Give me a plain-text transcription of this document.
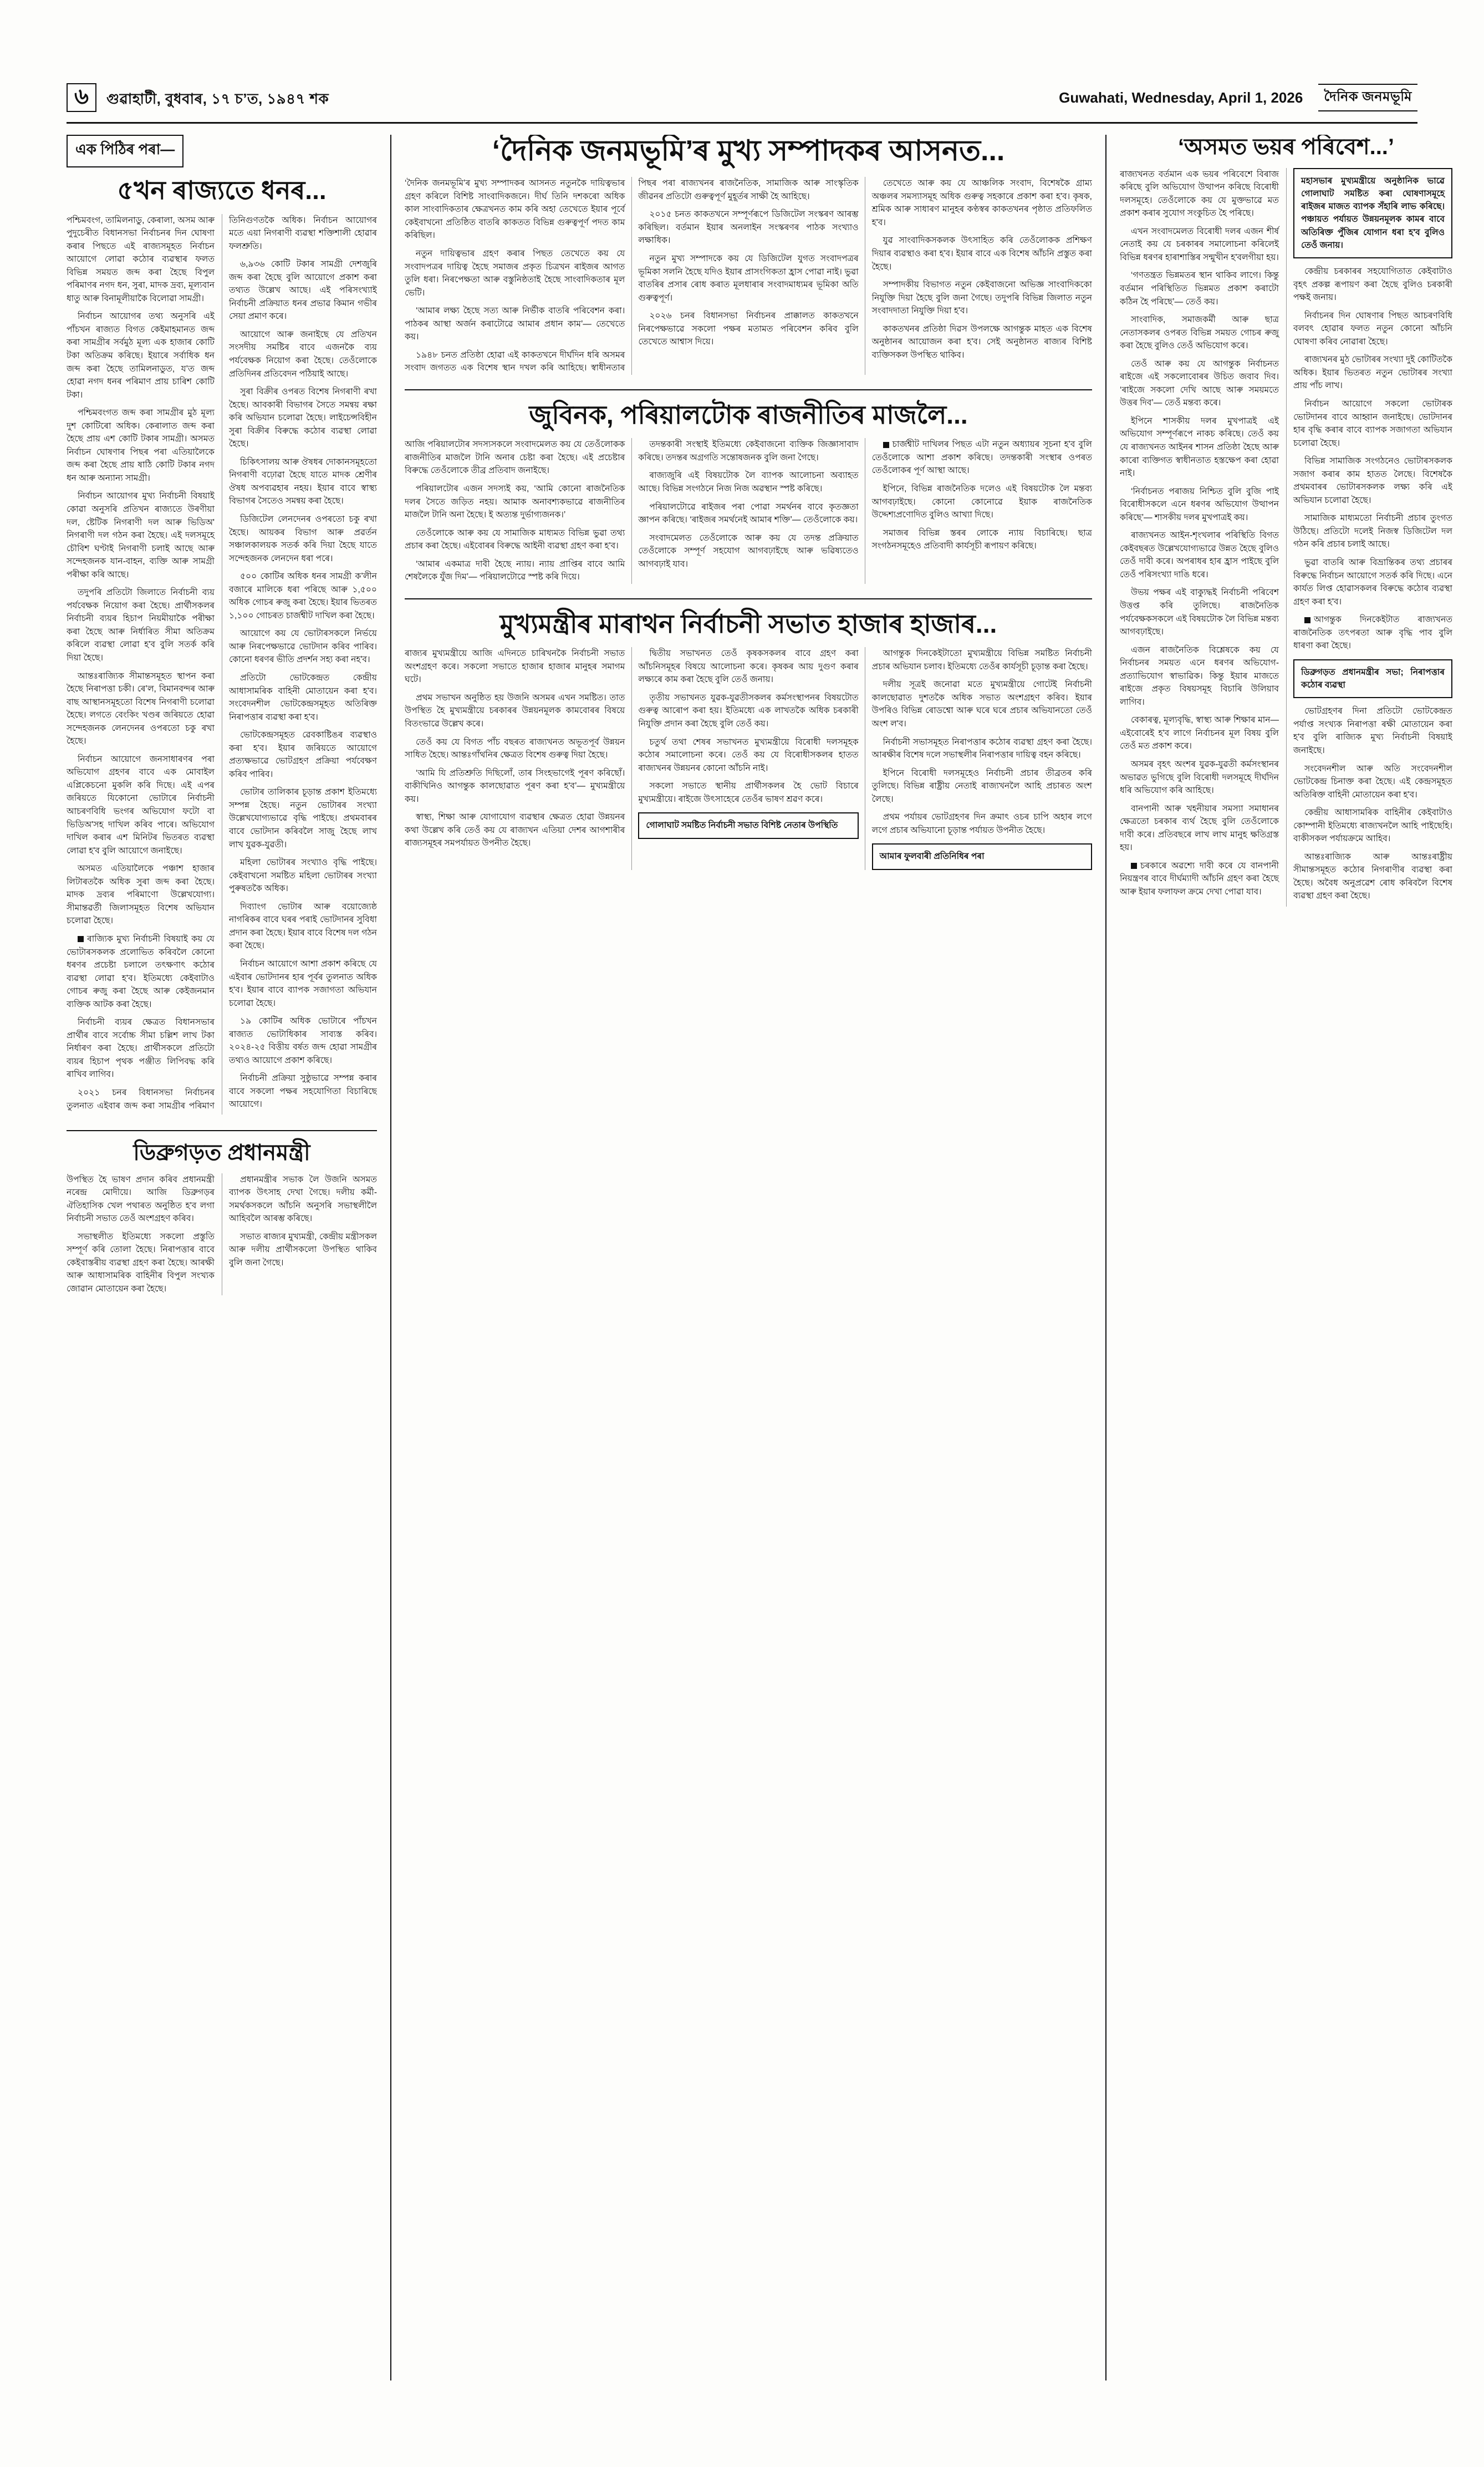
৬	গুৱাহাটী, বুধবাৰ, ১৭ চ’ত, ১৯৪৭ শক	Guwahati, Wednesday, April 1, 2026	দৈনিক জনমভূমি
এক পিঠিৰ পৰা—
৫খন ৰাজ্যতে ধনৰ...

পশ্চিমবংগ, তামিলনাডু, কেৰালা, অসম আৰু পুদুচেৰীত বিধানসভা নিৰ্বাচনৰ দিন ঘোষণা কৰাৰ পিছতে এই ৰাজ্যসমূহত নিৰ্বাচন আয়োগে লোৱা কঠোৰ ব্যৱস্থাৰ ফলত বিভিন্ন সময়ত জব্দ কৰা হৈছে বিপুল পৰিমাণৰ নগদ ধন, সুৰা, মাদক দ্ৰব্য, মূল্যবান ধাতু আৰু বিনামূলীয়াকৈ বিলোৱা সামগ্ৰী।

নিৰ্বাচন আয়োগৰ তথ্য অনুসৰি এই পাঁচখন ৰাজ্যত বিগত কেইমাহমানত জব্দ কৰা সামগ্ৰীৰ সৰ্বমুঠ মূল্য এক হাজাৰ কোটি টকা অতিক্ৰম কৰিছে। ইয়াৰে সৰ্বাধিক ধন জব্দ কৰা হৈছে তামিলনাডুত, য’ত জব্দ হোৱা নগদ ধনৰ পৰিমাণ প্ৰায় চাৰিশ কোটি টকা।

পশ্চিমবংগত জব্দ কৰা সামগ্ৰীৰ মুঠ মূল্য দুশ কোটিৰো অধিক। কেৰালাত জব্দ কৰা হৈছে প্ৰায় এশ কোটি টকাৰ সামগ্ৰী। অসমত নিৰ্বাচন ঘোষণাৰ পিছৰ পৰা এতিয়ালৈকে জব্দ কৰা হৈছে প্ৰায় ষাঠি কোটি টকাৰ নগদ ধন আৰু অন্যান্য সামগ্ৰী।

নিৰ্বাচন আয়োগৰ মুখ্য নিৰ্বাচনী বিষয়াই কোৱা অনুসৰি প্ৰতিখন ৰাজ্যতে উৰণীয়া দল, ষ্টেটিক নিগৰাণী দল আৰু ভিডিঅ' নিগৰাণী দল গঠন কৰা হৈছে। এই দলসমূহে চৌবিশ ঘণ্টাই নিগৰাণী চলাই আছে আৰু সন্দেহজনক যান-বাহন, ব্যক্তি আৰু সামগ্ৰী পৰীক্ষা কৰি আছে।

তদুপৰি প্ৰতিটো জিলাতে নিৰ্বাচনী ব্যয় পৰ্যবেক্ষক নিয়োগ কৰা হৈছে। প্ৰাৰ্থীসকলৰ নিৰ্বাচনী ব্যয়ৰ হিচাপ নিয়মীয়াকৈ পৰীক্ষা কৰা হৈছে আৰু নিৰ্ধাৰিত সীমা অতিক্ৰম কৰিলে ব্যৱস্থা লোৱা হ'ব বুলি সতৰ্ক কৰি দিয়া হৈছে।

আন্তঃৰাজ্যিক সীমান্তসমূহত স্থাপন কৰা হৈছে নিৰাপত্তা চকী। ৰে’ল, বিমানবন্দৰ আৰু বাছ আস্থানসমূহতো বিশেষ নিগৰাণী চলোৱা হৈছে। লগতে বেংকিং খণ্ডৰ জৰিয়তে হোৱা সন্দেহজনক লেনদেনৰ ওপৰতো চকু ৰখা হৈছে।

নিৰ্বাচন আয়োগে জনসাধাৰণৰ পৰা অভিযোগ গ্ৰহণৰ বাবে এক মোবাইল এপ্লিকেচনো মুকলি কৰি দিছে। এই এপৰ জৰিয়তে যিকোনো ভোটাৰে নিৰ্বাচনী আচৰণবিধি ভংগৰ অভিযোগ ফটো বা ভিডিঅ'সহ দাখিল কৰিব পাৰে। অভিযোগ দাখিল কৰাৰ এশ মিনিটৰ ভিতৰত ব্যৱস্থা লোৱা হ'ব বুলি আয়োগে জনাইছে।

অসমত এতিয়ালৈকে পঞ্চাশ হাজাৰ লিটাৰতকৈ অধিক সুৰা জব্দ কৰা হৈছে। মাদক দ্ৰব্যৰ পৰিমাণো উল্লেখযোগ্য। সীমান্তৱৰ্তী জিলাসমূহত বিশেষ অভিযান চলোৱা হৈছে।

ৰাজ্যিক মুখ্য নিৰ্বাচনী বিষয়াই কয় যে ভোটাৰসকলক প্ৰলোভিত কৰিবলৈ কোনো ধৰণৰ প্ৰচেষ্টা চলালে তৎক্ষণাৎ কঠোৰ ব্যৱস্থা লোৱা হ'ব। ইতিমধ্যে কেইবাটাও গোচৰ ৰুজু কৰা হৈছে আৰু কেইজনমান ব্যক্তিক আটক কৰা হৈছে।

নিৰ্বাচনী ব্যয়ৰ ক্ষেত্ৰত বিধানসভাৰ প্ৰাৰ্থীৰ বাবে সৰ্বোচ্চ সীমা চল্লিশ লাখ টকা নিৰ্ধাৰণ কৰা হৈছে। প্ৰাৰ্থীসকলে প্ৰতিটো ব্যয়ৰ হিচাপ পৃথক পঞ্জীত লিপিবদ্ধ কৰি ৰাখিব লাগিব।

২০২১ চনৰ বিধানসভা নিৰ্বাচনৰ তুলনাত এইবাৰ জব্দ কৰা সামগ্ৰীৰ পৰিমাণ তিনিগুণতকৈ অধিক। নিৰ্বাচন আয়োগৰ মতে এয়া নিগৰাণী ব্যৱস্থা শক্তিশালী হোৱাৰ ফলশ্ৰুতি।

৬,৯৩৬ কোটি টকাৰ সামগ্ৰী দেশজুৰি জব্দ কৰা হৈছে বুলি আয়োগে প্ৰকাশ কৰা তথ্যত উল্লেখ আছে। এই পৰিসংখ্যাই নিৰ্বাচনী প্ৰক্ৰিয়াত ধনৰ প্ৰভাৱ কিমান গভীৰ সেয়া প্ৰমাণ কৰে।

আয়োগে আৰু জনাইছে যে প্ৰতিখন সংসদীয় সমষ্টিৰ বাবে এজনকৈ ব্যয় পৰ্যবেক্ষক নিয়োগ কৰা হৈছে। তেওঁলোকে প্ৰতিদিনৰ প্ৰতিবেদন পঠিয়াই আছে।

সুৰা বিক্ৰীৰ ওপৰত বিশেষ নিগৰাণী ৰখা হৈছে। আবকাৰী বিভাগৰ সৈতে সমন্বয় ৰক্ষা কৰি অভিযান চলোৱা হৈছে। লাইচেন্সবিহীন সুৰা বিক্ৰীৰ বিৰুদ্ধে কঠোৰ ব্যৱস্থা লোৱা হৈছে।

চিকিৎসালয় আৰু ঔষধৰ দোকানসমূহতো নিগৰাণী বঢ়োৱা হৈছে যাতে মাদক শ্ৰেণীৰ ঔষধ অপব্যৱহাৰ নহয়। ইয়াৰ বাবে স্বাস্থ্য বিভাগৰ সৈতেও সমন্বয় কৰা হৈছে।

ডিজিটেল লেনদেনৰ ওপৰতো চকু ৰখা হৈছে। আয়কৰ বিভাগ আৰু প্ৰৱৰ্তন সঞ্চালকালয়ক সতৰ্ক কৰি দিয়া হৈছে যাতে সন্দেহজনক লেনদেন ধৰা পৰে।

৫০০ কোটিৰ অধিক ধনৰ সামগ্ৰী ক’লীন বজাৰে মালিকে ধৰা পৰিছে আৰু ১,৫০০ অধিক গোচৰ ৰুজু কৰা হৈছে। ইয়াৰ ভিতৰত ১,১০০ গোচৰত চাৰ্জশ্বীট দাখিল কৰা হৈছে।

আয়োগে কয় যে ভোটাৰসকলে নিৰ্ভয়ে আৰু নিৰপেক্ষভাৱে ভোটদান কৰিব পাৰিব। কোনো ধৰণৰ ভীতি প্ৰদৰ্শন সহ্য কৰা নহ'ব।

প্ৰতিটো ভোটকেন্দ্ৰত কেন্দ্ৰীয় আধাসামৰিক বাহিনী মোতায়েন কৰা হ'ব। সংবেদনশীল ভোটকেন্দ্ৰসমূহত অতিৰিক্ত নিৰাপত্তাৰ ব্যৱস্থা কৰা হ'ব।

ভোটকেন্দ্ৰসমূহত ৱেবকাষ্টিঙৰ ব্যৱস্থাও কৰা হ'ব। ইয়াৰ জৰিয়তে আয়োগে প্ৰত্যক্ষভাৱে ভোটগ্ৰহণ প্ৰক্ৰিয়া পৰ্যবেক্ষণ কৰিব পাৰিব।

ভোটাৰ তালিকাৰ চূড়ান্ত প্ৰকাশ ইতিমধ্যে সম্পন্ন হৈছে। নতুন ভোটাৰৰ সংখ্যা উল্লেখযোগ্যভাৱে বৃদ্ধি পাইছে। প্ৰথমবাৰৰ বাবে ভোটদান কৰিবলৈ সাজু হৈছে লাখ লাখ যুৱক-যুৱতী।

মহিলা ভোটাৰৰ সংখ্যাও বৃদ্ধি পাইছে। কেইবাখনো সমষ্টিত মহিলা ভোটাৰৰ সংখ্যা পুৰুষতকৈ অধিক।

দিব্যাংগ ভোটাৰ আৰু বয়োজ্যেষ্ঠ নাগৰিকৰ বাবে ঘৰৰ পৰাই ভোটদানৰ সুবিধা প্ৰদান কৰা হৈছে। ইয়াৰ বাবে বিশেষ দল গঠন কৰা হৈছে।

নিৰ্বাচন আয়োগে আশা প্ৰকাশ কৰিছে যে এইবাৰ ভোটদানৰ হাৰ পূৰ্বৰ তুলনাত অধিক হ'ব। ইয়াৰ বাবে ব্যাপক সজাগতা অভিযান চলোৱা হৈছে।

১৯ কোটিৰ অধিক ভোটাৰে পাঁচখন ৰাজ্যত ভোটাধিকাৰ সাব্যস্ত কৰিব। ২০২৪-২৫ বিত্তীয় বৰ্ষত জব্দ হোৱা সামগ্ৰীৰ তথ্যও আয়োগে প্ৰকাশ কৰিছে।

নিৰ্বাচনী প্ৰক্ৰিয়া সুষ্ঠুভাৱে সম্পন্ন কৰাৰ বাবে সকলো পক্ষৰ সহযোগিতা বিচাৰিছে আয়োগে।

ডিব্ৰুগড়ত প্ৰধানমন্ত্ৰী

উপস্থিত হৈ ভাষণ প্ৰদান কৰিব প্ৰধানমন্ত্ৰী নৰেন্দ্ৰ মোদীয়ে। আজি ডিব্ৰুগড়ৰ ঐতিহাসিক খেল পথাৰত অনুষ্ঠিত হ'ব লগা নিৰ্বাচনী সভাত তেওঁ অংশগ্ৰহণ কৰিব।

সভাস্থলীত ইতিমধ্যে সকলো প্ৰস্তুতি সম্পূৰ্ণ কৰি তোলা হৈছে। নিৰাপত্তাৰ বাবে কেইবাস্তৰীয় ব্যৱস্থা গ্ৰহণ কৰা হৈছে। আৰক্ষী আৰু আধাসামৰিক বাহিনীৰ বিপুল সংখ্যক জোৱান মোতায়েন কৰা হৈছে।

প্ৰধানমন্ত্ৰীৰ সভাক লৈ উজনি অসমত ব্যাপক উৎসাহ দেখা গৈছে। দলীয় কৰ্মী-সমৰ্থকসকলে আঁচনি অনুসৰি সভাস্থলীলৈ আহিবলৈ আৰম্ভ কৰিছে।

সভাত ৰাজ্যৰ মুখ্যমন্ত্ৰী, কেন্দ্ৰীয় মন্ত্ৰীসকল আৰু দলীয় প্ৰাৰ্থীসকলো উপস্থিত থাকিব বুলি জনা গৈছে।

‘দৈনিক জনমভূমি’ৰ মুখ্য সম্পাদকৰ আসনত...

‘দৈনিক জনমভূমি’ৰ মুখ্য সম্পাদকৰ আসনত নতুনকৈ দায়িত্বভাৰ গ্ৰহণ কৰিলে বিশিষ্ট সাংবাদিকজনে। দীৰ্ঘ তিনি দশকৰো অধিক কাল সাংবাদিকতাৰ ক্ষেত্ৰখনত কাম কৰি অহা তেখেতে ইয়াৰ পূৰ্বে কেইবাখনো প্ৰতিষ্ঠিত বাতৰি কাকতত বিভিন্ন গুৰুত্বপূৰ্ণ পদত কাম কৰিছিল।

নতুন দায়িত্বভাৰ গ্ৰহণ কৰাৰ পিছত তেখেতে কয় যে সংবাদপত্ৰৰ দায়িত্ব হৈছে সমাজৰ প্ৰকৃত চিত্ৰখন ৰাইজৰ আগত তুলি ধৰা। নিৰপেক্ষতা আৰু বস্তুনিষ্ঠতাই হৈছে সাংবাদিকতাৰ মূল ভেটি।

‘আমাৰ লক্ষ্য হৈছে সত্য আৰু নিৰ্ভীক বাতৰি পৰিবেশন কৰা। পাঠকৰ আস্থা অৰ্জন কৰাটোৱে আমাৰ প্ৰধান কাম’— তেখেতে কয়।

১৯৪৮ চনত প্ৰতিষ্ঠা হোৱা এই কাকতখনে দীৰ্ঘদিন ধৰি অসমৰ সংবাদ জগতত এক বিশেষ স্থান দখল কৰি আহিছে। স্বাধীনতাৰ পিছৰ পৰা ৰাজ্যখনৰ ৰাজনৈতিক, সামাজিক আৰু সাংস্কৃতিক জীৱনৰ প্ৰতিটো গুৰুত্বপূৰ্ণ মুহূৰ্তৰ সাক্ষী হৈ আহিছে।

২০১৫ চনত কাকতখনে সম্পূৰ্ণৰূপে ডিজিটেল সংস্কৰণ আৰম্ভ কৰিছিল। বৰ্তমান ইয়াৰ অনলাইন সংস্কৰণৰ পাঠক সংখ্যাও লক্ষাধিক।

নতুন মুখ্য সম্পাদকে কয় যে ডিজিটেল যুগত সংবাদপত্ৰৰ ভূমিকা সলনি হৈছে যদিও ইয়াৰ প্ৰাসংগিকতা হ্ৰাস পোৱা নাই। ভুৱা বাতৰিৰ প্ৰসাৰ ৰোধ কৰাত মূলধাৰাৰ সংবাদমাধ্যমৰ ভূমিকা অতি গুৰুত্বপূৰ্ণ।

২০২৬ চনৰ বিধানসভা নিৰ্বাচনৰ প্ৰাক্কালত কাকতখনে নিৰপেক্ষভাৱে সকলো পক্ষৰ মতামত পৰিবেশন কৰিব বুলি তেখেতে আশ্বাস দিয়ে।

তেখেতে আৰু কয় যে আঞ্চলিক সংবাদ, বিশেষকৈ গ্ৰাম্য অঞ্চলৰ সমস্যাসমূহ অধিক গুৰুত্ব সহকাৰে প্ৰকাশ কৰা হ'ব। কৃষক, শ্ৰমিক আৰু সাধাৰণ মানুহৰ কণ্ঠস্বৰ কাকতখনৰ পৃষ্ঠাত প্ৰতিফলিত হ'ব।

যুৱ সাংবাদিকসকলক উৎসাহিত কৰি তেওঁলোকক প্ৰশিক্ষণ দিয়াৰ ব্যৱস্থাও কৰা হ'ব। ইয়াৰ বাবে এক বিশেষ আঁচনি প্ৰস্তুত কৰা হৈছে।

সম্পাদকীয় বিভাগত নতুন কেইবাজনো অভিজ্ঞ সাংবাদিককো নিযুক্তি দিয়া হৈছে বুলি জনা গৈছে। তদুপৰি বিভিন্ন জিলাত নতুন সংবাদদাতা নিযুক্তি দিয়া হ'ব।

কাকতখনৰ প্ৰতিষ্ঠা দিৱস উপলক্ষে আগন্তুক মাহত এক বিশেষ অনুষ্ঠানৰ আয়োজন কৰা হ'ব। সেই অনুষ্ঠানত ৰাজ্যৰ বিশিষ্ট ব্যক্তিসকল উপস্থিত থাকিব।

জুবিনক, পৰিয়ালটোক ৰাজনীতিৰ মাজলৈ...

আজি পৰিয়ালটোৰ সদস্যসকলে সংবাদমেলত কয় যে তেওঁলোকক ৰাজনীতিৰ মাজলৈ টানি অনাৰ চেষ্টা কৰা হৈছে। এই প্ৰচেষ্টাৰ বিৰুদ্ধে তেওঁলোকে তীব্ৰ প্ৰতিবাদ জনাইছে।

পৰিয়ালটোৰ এজন সদস্যই কয়, ‘আমি কোনো ৰাজনৈতিক দলৰ সৈতে জড়িত নহয়। আমাক অনাবশ্যকভাৱে ৰাজনীতিৰ মাজলৈ টানি অনা হৈছে। ই অত্যন্ত দুৰ্ভাগ্যজনক।’

তেওঁলোকে আৰু কয় যে সামাজিক মাধ্যমত বিভিন্ন ভুৱা তথ্য প্ৰচাৰ কৰা হৈছে। এইবোৰৰ বিৰুদ্ধে আইনী ব্যৱস্থা গ্ৰহণ কৰা হ'ব।

‘আমাৰ একমাত্ৰ দাবী হৈছে ন্যায়। ন্যায় প্ৰাপ্তিৰ বাবে আমি শেষলৈকে যুঁজ দিম’— পৰিয়ালটোৱে স্পষ্ট কৰি দিয়ে।

তদন্তকাৰী সংস্থাই ইতিমধ্যে কেইবাজনো ব্যক্তিক জিজ্ঞাসাবাদ কৰিছে। তদন্তৰ অগ্ৰগতি সন্তোষজনক বুলি জনা গৈছে।

ৰাজ্যজুৰি এই বিষয়টোক লৈ ব্যাপক আলোচনা অব্যাহত আছে। বিভিন্ন সংগঠনে নিজ নিজ অৱস্থান স্পষ্ট কৰিছে।

পৰিয়ালটোৱে ৰাইজৰ পৰা পোৱা সমৰ্থনৰ বাবে কৃতজ্ঞতা জ্ঞাপন কৰিছে। ‘ৰাইজৰ সমৰ্থনেই আমাৰ শক্তি’— তেওঁলোকে কয়।

সংবাদমেলত তেওঁলোকে আৰু কয় যে তদন্ত প্ৰক্ৰিয়াত তেওঁলোকে সম্পূৰ্ণ সহযোগ আগবঢ়াইছে আৰু ভৱিষ্যতেও আগবঢ়াই যাব।

চাৰ্জশ্বীট দাখিলৰ পিছত এটা নতুন অধ্যায়ৰ সূচনা হ'ব বুলি তেওঁলোকে আশা প্ৰকাশ কৰিছে। তদন্তকাৰী সংস্থাৰ ওপৰত তেওঁলোকৰ পূৰ্ণ আস্থা আছে।

ইপিনে, বিভিন্ন ৰাজনৈতিক দলেও এই বিষয়টোক লৈ মন্তব্য আগবঢ়াইছে। কোনো কোনোৱে ইয়াক ৰাজনৈতিক উদ্দেশ্যপ্ৰণোদিত বুলিও আখ্যা দিছে।

সমাজৰ বিভিন্ন স্তৰৰ লোকে ন্যায় বিচাৰিছে। ছাত্ৰ সংগঠনসমূহেও প্ৰতিবাদী কাৰ্যসূচী ৰূপায়ণ কৰিছে।

মুখ্যমন্ত্ৰীৰ মাৰাথন নিৰ্বাচনী সভাত হাজাৰ হাজাৰ...

ৰাজ্যৰ মুখ্যমন্ত্ৰীয়ে আজি এদিনতে চাৰিখনকৈ নিৰ্বাচনী সভাত অংশগ্ৰহণ কৰে। সকলো সভাতে হাজাৰ হাজাৰ মানুহৰ সমাগম ঘটে।

প্ৰথম সভাখন অনুষ্ঠিত হয় উজনি অসমৰ এখন সমষ্টিত। তাত উপস্থিত হৈ মুখ্যমন্ত্ৰীয়ে চৰকাৰৰ উন্নয়নমূলক কামবোৰৰ বিষয়ে বিতংভাৱে উল্লেখ কৰে।

তেওঁ কয় যে বিগত পাঁচ বছৰত ৰাজ্যখনত অভূতপূৰ্ব উন্নয়ন সাধিত হৈছে। আন্তঃগাঁথনিৰ ক্ষেত্ৰত বিশেষ গুৰুত্ব দিয়া হৈছে।

‘আমি যি প্ৰতিশ্ৰুতি দিছিলোঁ, তাৰ সিংহভাগেই পূৰণ কৰিছোঁ। বাকীখিনিও আগন্তুক কালছোৱাত পূৰণ কৰা হ'ব’— মুখ্যমন্ত্ৰীয়ে কয়।

স্বাস্থ্য, শিক্ষা আৰু যোগাযোগ ব্যৱস্থাৰ ক্ষেত্ৰত হোৱা উন্নয়নৰ কথা উল্লেখ কৰি তেওঁ কয় যে ৰাজ্যখন এতিয়া দেশৰ আগশাৰীৰ ৰাজ্যসমূহৰ সমপৰ্যায়ত উপনীত হৈছে।

দ্বিতীয় সভাখনত তেওঁ কৃষকসকলৰ বাবে গ্ৰহণ কৰা আঁচনিসমূহৰ বিষয়ে আলোচনা কৰে। কৃষকৰ আয় দুগুণ কৰাৰ লক্ষ্যৰে কাম কৰা হৈছে বুলি তেওঁ জনায়।

তৃতীয় সভাখনত যুৱক-যুৱতীসকলৰ কৰ্মসংস্থাপনৰ বিষয়টোত গুৰুত্ব আৰোপ কৰা হয়। ইতিমধ্যে এক লাখতকৈ অধিক চৰকাৰী নিযুক্তি প্ৰদান কৰা হৈছে বুলি তেওঁ কয়।

চতুৰ্থ তথা শেষৰ সভাখনত মুখ্যমন্ত্ৰীয়ে বিৰোধী দলসমূহক কঠোৰ সমালোচনা কৰে। তেওঁ কয় যে বিৰোধীসকলৰ হাতত ৰাজ্যখনৰ উন্নয়নৰ কোনো আঁচনি নাই।

সকলো সভাতে স্থানীয় প্ৰাৰ্থীসকলৰ হৈ ভোট বিচাৰে মুখ্যমন্ত্ৰীয়ে। ৰাইজে উৎসাহেৰে তেওঁৰ ভাষণ শ্ৰৱণ কৰে।

গোলাঘাট সমষ্টিত নিৰ্বাচনী সভাত বিশিষ্ট নেতাৰ উপস্থিতি

আগন্তুক দিনকেইটাতো মুখ্যমন্ত্ৰীয়ে বিভিন্ন সমষ্টিত নিৰ্বাচনী প্ৰচাৰ অভিযান চলাব। ইতিমধ্যে তেওঁৰ কাৰ্যসূচী চূড়ান্ত কৰা হৈছে।

দলীয় সূত্ৰই জনোৱা মতে মুখ্যমন্ত্ৰীয়ে গোটেই নিৰ্বাচনী কালছোৱাত দুশতকৈ অধিক সভাত অংশগ্ৰহণ কৰিব। ইয়াৰ উপৰিও বিভিন্ন ৰোডশ্বো আৰু ঘৰে ঘৰে প্ৰচাৰ অভিযানতো তেওঁ অংশ ল'ব।

নিৰ্বাচনী সভাসমূহত নিৰাপত্তাৰ কঠোৰ ব্যৱস্থা গ্ৰহণ কৰা হৈছে। আৰক্ষীৰ বিশেষ দলে সভাস্থলীৰ নিৰাপত্তাৰ দায়িত্ব বহন কৰিছে।

ইপিনে বিৰোধী দলসমূহেও নিৰ্বাচনী প্ৰচাৰ তীব্ৰতৰ কৰি তুলিছে। বিভিন্ন ৰাষ্ট্ৰীয় নেতাই ৰাজ্যখনলৈ আহি প্ৰচাৰত অংশ লৈছে।

প্ৰথম পৰ্যায়ৰ ভোটগ্ৰহণৰ দিন ক্ৰমাৎ ওচৰ চাপি অহাৰ লগে লগে প্ৰচাৰ অভিযানো চূড়ান্ত পৰ্যায়ত উপনীত হৈছে।

আমাৰ ফুলবাৰী প্ৰতিনিধিৰ পৰা
‘অসমত ভয়ৰ পৰিবেশ...’

ৰাজ্যখনত বৰ্তমান এক ভয়ৰ পৰিবেশে বিৰাজ কৰিছে বুলি অভিযোগ উত্থাপন কৰিছে বিৰোধী দলসমূহে। তেওঁলোকে কয় যে মুক্তভাৱে মত প্ৰকাশ কৰাৰ সুযোগ সংকুচিত হৈ পৰিছে।

এখন সংবাদমেলত বিৰোধী দলৰ এজন শীৰ্ষ নেতাই কয় যে চৰকাৰৰ সমালোচনা কৰিলেই বিভিন্ন ধৰণৰ হাৰাশাস্তিৰ সন্মুখীন হ'বলগীয়া হয়।

‘গণতন্ত্ৰত ভিন্নমতৰ স্থান থাকিব লাগে। কিন্তু বৰ্তমান পৰিস্থিতিত ভিন্নমত প্ৰকাশ কৰাটো কঠিন হৈ পৰিছে’— তেওঁ কয়।

সাংবাদিক, সমাজকৰ্মী আৰু ছাত্ৰ নেতাসকলৰ ওপৰত বিভিন্ন সময়ত গোচৰ ৰুজু কৰা হৈছে বুলিও তেওঁ অভিযোগ কৰে।

তেওঁ আৰু কয় যে আগন্তুক নিৰ্বাচনত ৰাইজে এই সকলোবোৰৰ উচিত জবাব দিব। ‘ৰাইজে সকলো দেখি আছে আৰু সময়মতে উত্তৰ দিব’— তেওঁ মন্তব্য কৰে।

ইপিনে শাসকীয় দলৰ মুখপাত্ৰই এই অভিযোগ সম্পূৰ্ণৰূপে নাকচ কৰিছে। তেওঁ কয় যে ৰাজ্যখনত আইনৰ শাসন প্ৰতিষ্ঠা হৈছে আৰু কাৰো ব্যক্তিগত স্বাধীনতাত হস্তক্ষেপ কৰা হোৱা নাই।

‘নিৰ্বাচনত পৰাজয় নিশ্চিত বুলি বুজি পাই বিৰোধীসকলে এনে ধৰণৰ অভিযোগ উত্থাপন কৰিছে’— শাসকীয় দলৰ মুখপাত্ৰই কয়।

ৰাজ্যখনত আইন-শৃংখলাৰ পৰিস্থিতি বিগত কেইবছৰত উল্লেখযোগ্যভাৱে উন্নত হৈছে বুলিও তেওঁ দাবী কৰে। অপৰাধৰ হাৰ হ্ৰাস পাইছে বুলি তেওঁ পৰিসংখ্যা দাঙি ধৰে।

উভয় পক্ষৰ এই বাক্যুদ্ধই নিৰ্বাচনী পৰিবেশ উত্তপ্ত কৰি তুলিছে। ৰাজনৈতিক পৰ্যবেক্ষকসকলে এই বিষয়টোক লৈ বিভিন্ন মন্তব্য আগবঢ়াইছে।

এজন ৰাজনৈতিক বিশ্লেষকে কয় যে নিৰ্বাচনৰ সময়ত এনে ধৰণৰ অভিযোগ-প্ৰত্যাভিযোগ স্বাভাৱিক। কিন্তু ইয়াৰ মাজতে ৰাইজে প্ৰকৃত বিষয়সমূহ বিচাৰি উলিয়াব লাগিব।

বেকাৰত্ব, মূল্যবৃদ্ধি, স্বাস্থ্য আৰু শিক্ষাৰ মান— এইবোৰেই হ'ব লাগে নিৰ্বাচনৰ মূল বিষয় বুলি তেওঁ মত প্ৰকাশ কৰে।

অসমৰ বৃহৎ অংশৰ যুৱক-যুৱতী কৰ্মসংস্থানৰ অভাৱত ভুগিছে বুলি বিৰোধী দলসমূহে দীৰ্ঘদিন ধৰি অভিযোগ কৰি আহিছে।

বানপানী আৰু খহনীয়াৰ সমস্যা সমাধানৰ ক্ষেত্ৰতো চৰকাৰ ব্যৰ্থ হৈছে বুলি তেওঁলোকে দাবী কৰে। প্ৰতিবছৰে লাখ লাখ মানুহ ক্ষতিগ্ৰস্ত হয়।

চৰকাৰে অৱশ্যে দাবী কৰে যে বানপানী নিয়ন্ত্ৰণৰ বাবে দীৰ্ঘম্যাদী আঁচনি গ্ৰহণ কৰা হৈছে আৰু ইয়াৰ ফলাফল ক্ৰমে দেখা পোৱা যাব।

মহাসভাৰ মুখ্যমন্ত্ৰীয়ে অনুষ্ঠানিক ভাৱে গোলাঘাট সমষ্টিত কৰা ঘোষণাসমূহে ৰাইজৰ মাজত ব্যাপক সঁহাৰি লাভ কৰিছে। পঞ্চায়ত পৰ্যায়ত উন্নয়নমূলক কামৰ বাবে অতিৰিক্ত পুঁজিৰ যোগান ধৰা হ'ব বুলিও তেওঁ জনায়।

কেন্দ্ৰীয় চৰকাৰৰ সহযোগিতাত কেইবাটাও বৃহৎ প্ৰকল্প ৰূপায়ণ কৰা হৈছে বুলিও চৰকাৰী পক্ষই জনায়।

নিৰ্বাচনৰ দিন ঘোষণাৰ পিছত আচৰণবিধি বলবৎ হোৱাৰ ফলত নতুন কোনো আঁচনি ঘোষণা কৰিব নোৱাৰা হৈছে।

ৰাজ্যখনৰ মুঠ ভোটাৰৰ সংখ্যা দুই কোটিতকৈ অধিক। ইয়াৰ ভিতৰত নতুন ভোটাৰৰ সংখ্যা প্ৰায় পাঁচ লাখ।

নিৰ্বাচন আয়োগে সকলো ভোটাৰক ভোটদানৰ বাবে আহ্বান জনাইছে। ভোটদানৰ হাৰ বৃদ্ধি কৰাৰ বাবে ব্যাপক সজাগতা অভিযান চলোৱা হৈছে।

বিভিন্ন সামাজিক সংগঠনেও ভোটাৰসকলক সজাগ কৰাৰ কাম হাতত লৈছে। বিশেষকৈ প্ৰথমবাৰৰ ভোটাৰসকলক লক্ষ্য কৰি এই অভিযান চলোৱা হৈছে।

সামাজিক মাধ্যমতো নিৰ্বাচনী প্ৰচাৰ তুংগত উঠিছে। প্ৰতিটো দলেই নিজস্ব ডিজিটেল দল গঠন কৰি প্ৰচাৰ চলাই আছে।

ভুৱা বাতৰি আৰু বিভ্ৰান্তিকৰ তথ্য প্ৰচাৰৰ বিৰুদ্ধে নিৰ্বাচন আয়োগে সতৰ্ক কৰি দিছে। এনে কাৰ্যত লিপ্ত হোৱাসকলৰ বিৰুদ্ধে কঠোৰ ব্যৱস্থা গ্ৰহণ কৰা হ'ব।

আগন্তুক দিনকেইটাত ৰাজ্যখনত ৰাজনৈতিক তৎপৰতা আৰু বৃদ্ধি পাব বুলি ধাৰণা কৰা হৈছে।

ডিব্ৰুগড়ত প্ৰধানমন্ত্ৰীৰ সভা; নিৰাপত্তাৰ কঠোৰ ব্যৱস্থা

ভোটগ্ৰহণৰ দিনা প্ৰতিটো ভোটকেন্দ্ৰত পৰ্যাপ্ত সংখ্যক নিৰাপত্তা ৰক্ষী মোতায়েন কৰা হ'ব বুলি ৰাজ্যিক মুখ্য নিৰ্বাচনী বিষয়াই জনাইছে।

সংবেদনশীল আৰু অতি সংবেদনশীল ভোটকেন্দ্ৰ চিনাক্ত কৰা হৈছে। এই কেন্দ্ৰসমূহত অতিৰিক্ত বাহিনী মোতায়েন কৰা হ'ব।

কেন্দ্ৰীয় আধাসামৰিক বাহিনীৰ কেইবাটাও কোম্পানী ইতিমধ্যে ৰাজ্যখনলৈ আহি পাইছেহি। বাকীসকল পৰ্যায়ক্ৰমে আহিব।

আন্তঃৰাজ্যিক আৰু আন্তঃৰাষ্ট্ৰীয় সীমান্তসমূহত কঠোৰ নিগৰাণীৰ ব্যৱস্থা কৰা হৈছে। অবৈধ অনুপ্ৰৱেশ ৰোধ কৰিবলৈ বিশেষ ব্যৱস্থা গ্ৰহণ কৰা হৈছে।
